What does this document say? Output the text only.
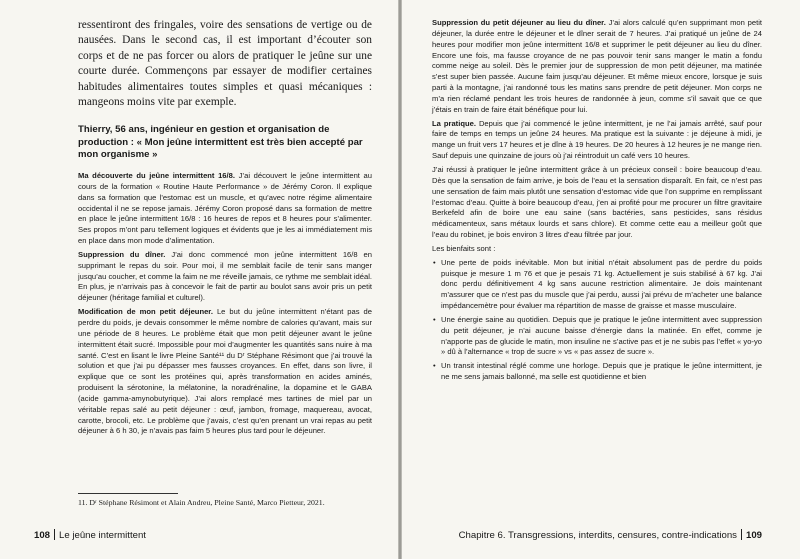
ressentiront des fringales, voire des sensations de vertige ou de nausées. Dans le second cas, il est important d’écouter son corps et de ne pas forcer ou alors de pratiquer le jeûne sur une courte durée. Commençons par essayer de modifier certaines habitudes alimentaires toutes simples et quasi mécaniques : mangeons moins vite par exemple.

Thierry, 56 ans, ingénieur en gestion et organisation de production : « Mon jeûne intermittent est très bien accepté par mon organisme »

Ma découverte du jeûne intermittent 16/8. J’ai découvert le jeûne intermittent au cours de la formation « Routine Haute Performance » de Jérémy Coron. Il explique dans sa formation que l’estomac est un muscle, et qu’avec notre régime alimentaire occidental il ne se repose jamais. Jérémy Coron proposé dans sa formation de mettre en place le jeûne intermittent 16/8 : 16 heures de repos et 8 heures pour s’alimenter. Ses propos m’ont paru tellement logiques et évidents que je les ai immédiatement mis en place dans mon mode d’alimentation.

Suppression du dîner. J’ai donc commencé mon jeûne intermittent 16/8 en supprimant le repas du soir. Pour moi, il me semblait facile de tenir sans manger jusqu’au coucher, et comme la faim ne me réveille jamais, ce rythme me semblait idéal. En plus, je n’arrivais pas à concevoir le fait de partir au boulot sans avoir pris un petit déjeuner (héritage familial et culturel).

Modification de mon petit déjeuner. Le but du jeûne intermittent n’étant pas de perdre du poids, je devais consommer le même nombre de calories qu’avant, mais sur une période de 8 heures. Le problème était que mon petit déjeuner avant le jeûne intermittent était sucré. Impossible pour moi d’augmenter les quantités sans nuire à ma santé. C’est en lisant le livre Pleine Santé¹¹ du Dʳ Stéphane Résimont que j’ai trouvé la solution et que j’ai pu dépasser mes fausses croyances. En effet, dans son livre, il explique que ce sont les protéines qui, après transformation en acides aminés, produisent la sérotonine, la mélatonine, la noradrénaline, la dopamine et le GABA (acide gamma-amynobutyrique). J’ai alors remplacé mes tartines de miel par un véritable repas salé au petit déjeuner : œuf, jambon, fromage, maquereau, avocat, carotte, brocoli, etc. Le problème que j’avais, c’est qu’en prenant un vrai repas au petit déjeuner à 6 h 30, je n’avais pas faim 5 heures plus tard pour le déjeuner.

11. Dʳ Stéphane Résimont et Alain Andreu, Pleine Santé, Marco Pietteur, 2021.

108 Le jeûne intermittent

Suppression du petit déjeuner au lieu du dîner. J’ai alors calculé qu’en supprimant mon petit déjeuner, la durée entre le déjeuner et le dîner serait de 7 heures. J’ai pratiqué un jeûne de 24 heures pour modifier mon jeûne intermittent 16/8 et supprimer le petit déjeuner au lieu du dîner. Encore une fois, ma fausse croyance de ne pas pouvoir tenir sans manger le matin a fondu comme neige au soleil. Dès le premier jour de suppression de mon petit déjeuner, ma matinée s’est super bien passée. Aucune faim jusqu’au déjeuner. Et même mieux encore, lorsque je suis parti à la montagne, j’ai randonné tous les matins sans prendre de petit déjeuner. Mon corps ne m’a rien réclamé pendant les trois heures de randonnée à jeun, comme s’il savait que ce que j’étais en train de faire était bénéfique pour lui.

La pratique. Depuis que j’ai commencé le jeûne intermittent, je ne l’ai jamais arrêté, sauf pour faire de temps en temps un jeûne 24 heures. Ma pratique est la suivante : je déjeune à midi, je mange un fruit vers 17 heures et je dîne à 19 heures. De 20 heures à 12 heures je ne mange rien. Sauf depuis une quinzaine de jours où j’ai réintroduit un café vers 10 heures.

J’ai réussi à pratiquer le jeûne intermittent grâce à un précieux conseil : boire beaucoup d’eau. Dès que la sensation de faim arrive, je bois de l’eau et la sensation disparaît. En fait, ce n’est pas une sensation de faim mais plutôt une sensation d’estomac vide que l’on supprime en remplissant l’estomac d’eau. Quitte à boire beaucoup d’eau, j’en ai profité pour me procurer un filtre gravitaire Berkefeld afin de boire une eau saine (sans bactéries, sans pesticides, sans résidus médicamenteux, sans métaux lourds et sans chlore). Et comme cette eau a meilleur goût que l’eau du robinet, je bois environ 3 litres d’eau filtrée par jour.

Les bienfaits sont :

• Une perte de poids inévitable. Mon but initial n’était absolument pas de perdre du poids puisque je mesure 1 m 76 et que je pesais 71 kg. Actuellement je suis stabilisé à 67 kg. J’ai donc perdu définitivement 4 kg sans aucune restriction alimentaire. Je dois maintenant m’assurer que ce n’est pas du muscle que j’ai perdu, aussi j’ai prévu de m’acheter une balance impédancemètre pour évaluer ma répartition de masse de graisse et masse musculaire.
• Une énergie saine au quotidien. Depuis que je pratique le jeûne intermittent avec suppression du petit déjeuner, je n’ai aucune baisse d’énergie dans la matinée. En effet, comme je n’apporte pas de glucide le matin, mon insuline ne s’active pas et je ne subis pas l’effet « yo-yo » dû à l’alternance « trop de sucre » vs « pas assez de sucre ».
• Un transit intestinal réglé comme une horloge. Depuis que je pratique le jeûne intermittent, je ne me sens jamais ballonné, ma selle est quotidienne et bien
Chapitre 6. Transgressions, interdits, censures, contre-indications 109
